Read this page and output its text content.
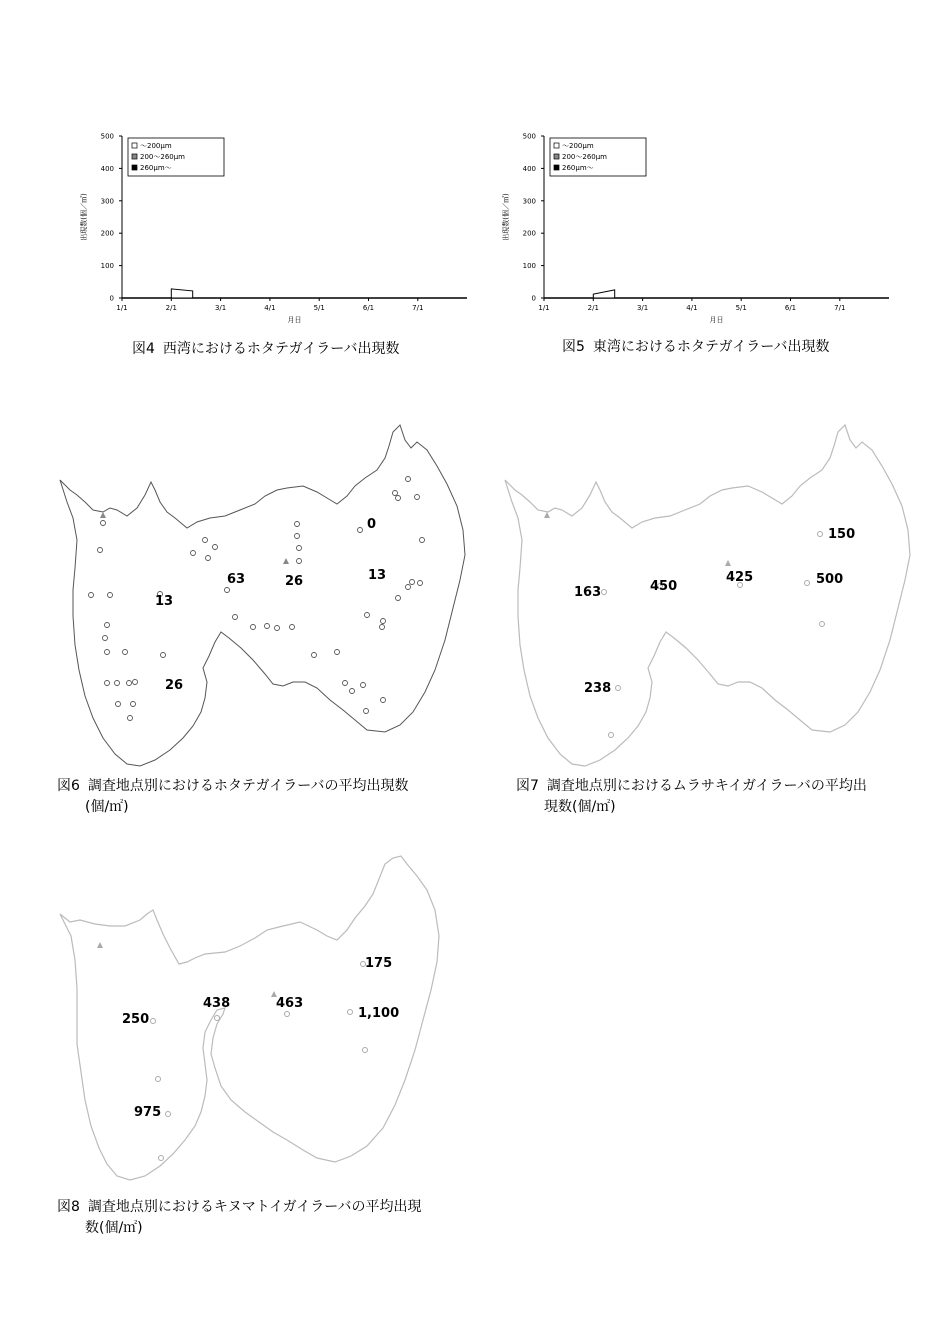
0
100
200
300
400
500
1/1	2/1	3/1	4/1	5/1	6/1	7/1
月日
出現数(個／㎥)
～200μm
200～260μm
260μm～
図4 西湾におけるホタテガイラーバ出現数
0
100
200
300
400
500
1/1	2/1	3/1	4/1	5/1	6/1	7/1
月日
出現数(個／㎥)
～200μm
200～260μm
260μm～
図5 東湾におけるホタテガイラーバ出現数
0
13
63	26	13
26
図6 調査地点別におけるホタテガイラーバの平均出現数
(個/㎡)
150
163	450
425	500
238
図7 調査地点別におけるムラサキイガイラーバの平均出
現数(個/㎡)
175
250
438	463
1,100
975
図8 調査地点別におけるキヌマトイガイラーバの平均出現
数(個/㎡)
